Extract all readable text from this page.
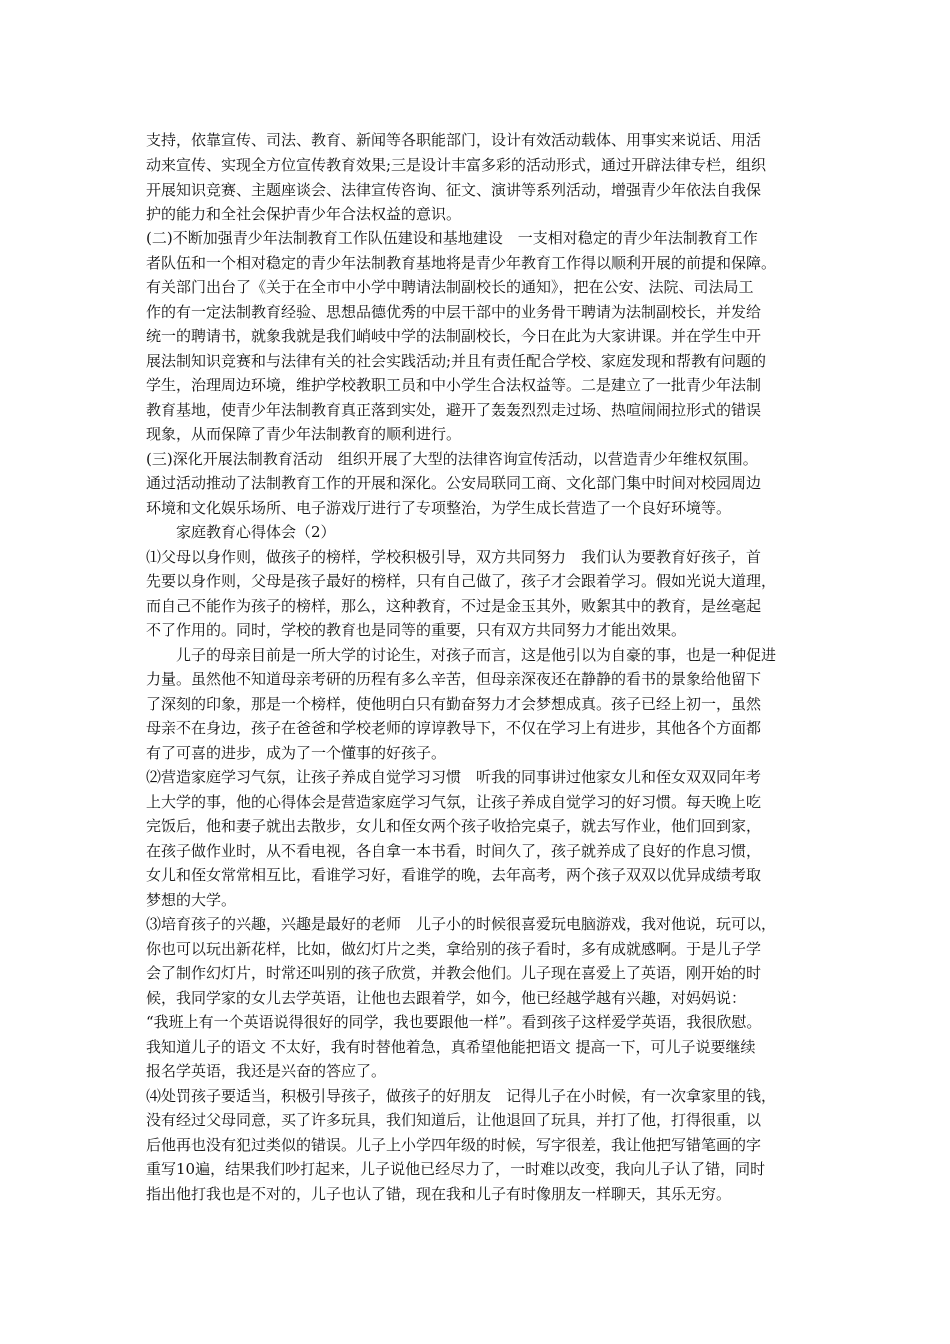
支持，依靠宣传、司法、教育、新闻等各职能部门，设计有效活动载体、用事实来说话、用活
动来宣传、实现全方位宣传教育效果;三是设计丰富多彩的活动形式，通过开辟法律专栏，组织
开展知识竞赛、主题座谈会、法律宣传咨询、征文、演讲等系列活动，增强青少年依法自我保
护的能力和全社会保护青少年合法权益的意识。
(二)不断加强青少年法制教育工作队伍建设和基地建设　一支相对稳定的青少年法制教育工作
者队伍和一个相对稳定的青少年法制教育基地将是青少年教育工作得以顺利开展的前提和保障。
有关部门出台了《关于在全市中小学中聘请法制副校长的通知》，把在公安、法院、司法局工
作的有一定法制教育经验、思想品德优秀的中层干部中的业务骨干聘请为法制副校长，并发给
统一的聘请书，就象我就是我们峭岐中学的法制副校长，今日在此为大家讲课。并在学生中开
展法制知识竞赛和与法律有关的社会实践活动;并且有责任配合学校、家庭发现和帮教有问题的
学生，治理周边环境，维护学校教职工员和中小学生合法权益等。二是建立了一批青少年法制
教育基地，使青少年法制教育真正落到实处，避开了轰轰烈烈走过场、热喧闹闹拉形式的错误
现象，从而保障了青少年法制教育的顺利进行。
(三)深化开展法制教育活动　组织开展了大型的法律咨询宣传活动，以营造青少年维权氛围。
通过活动推动了法制教育工作的开展和深化。公安局联同工商、文化部门集中时间对校园周边
环境和文化娱乐场所、电子游戏厅进行了专项整治，为学生成长营造了一个良好环境等。
家庭教育心得体会（2）
⑴父母以身作则，做孩子的榜样，学校积极引导，双方共同努力　我们认为要教育好孩子，首
先要以身作则，父母是孩子最好的榜样，只有自己做了，孩子才会跟着学习。假如光说大道理，
而自己不能作为孩子的榜样，那么，这种教育，不过是金玉其外，败絮其中的教育，是丝毫起
不了作用的。同时，学校的教育也是同等的重要，只有双方共同努力才能出效果。
儿子的母亲目前是一所大学的讨论生，对孩子而言，这是他引以为自豪的事，也是一种促进
力量。虽然他不知道母亲考研的历程有多么辛苦，但母亲深夜还在静静的看书的景象给他留下
了深刻的印象，那是一个榜样，使他明白只有勤奋努力才会梦想成真。孩子已经上初一，虽然
母亲不在身边，孩子在爸爸和学校老师的谆谆教导下，不仅在学习上有进步，其他各个方面都
有了可喜的进步，成为了一个懂事的好孩子。
⑵营造家庭学习气氛，让孩子养成自觉学习习惯　听我的同事讲过他家女儿和侄女双双同年考
上大学的事，他的心得体会是营造家庭学习气氛，让孩子养成自觉学习的好习惯。每天晚上吃
完饭后，他和妻子就出去散步，女儿和侄女两个孩子收拾完桌子，就去写作业，他们回到家，
在孩子做作业时，从不看电视，各自拿一本书看，时间久了，孩子就养成了良好的作息习惯，
女儿和侄女常常相互比，看谁学习好，看谁学的晚，去年高考，两个孩子双双以优异成绩考取
梦想的大学。
⑶培育孩子的兴趣，兴趣是最好的老师　儿子小的时候很喜爱玩电脑游戏，我对他说，玩可以，
你也可以玩出新花样，比如，做幻灯片之类，拿给别的孩子看时，多有成就感啊。于是儿子学
会了制作幻灯片，时常还叫别的孩子欣赏，并教会他们。儿子现在喜爱上了英语，刚开始的时
候，我同学家的女儿去学英语，让他也去跟着学，如今，他已经越学越有兴趣，对妈妈说：
“我班上有一个英语说得很好的同学，我也要跟他一样”。看到孩子这样爱学英语，我很欣慰。
我知道儿子的语文 不太好，我有时替他着急，真希望他能把语文 提高一下，可儿子说要继续
报名学英语，我还是兴奋的答应了。
⑷处罚孩子要适当，积极引导孩子，做孩子的好朋友　记得儿子在小时候，有一次拿家里的钱，
没有经过父母同意，买了许多玩具，我们知道后，让他退回了玩具，并打了他，打得很重，以
后他再也没有犯过类似的错误。儿子上小学四年级的时候，写字很差，我让他把写错笔画的字
重写10遍，结果我们吵打起来，儿子说他已经尽力了，一时难以改变，我向儿子认了错，同时
指出他打我也是不对的，儿子也认了错，现在我和儿子有时像朋友一样聊天，其乐无穷。
